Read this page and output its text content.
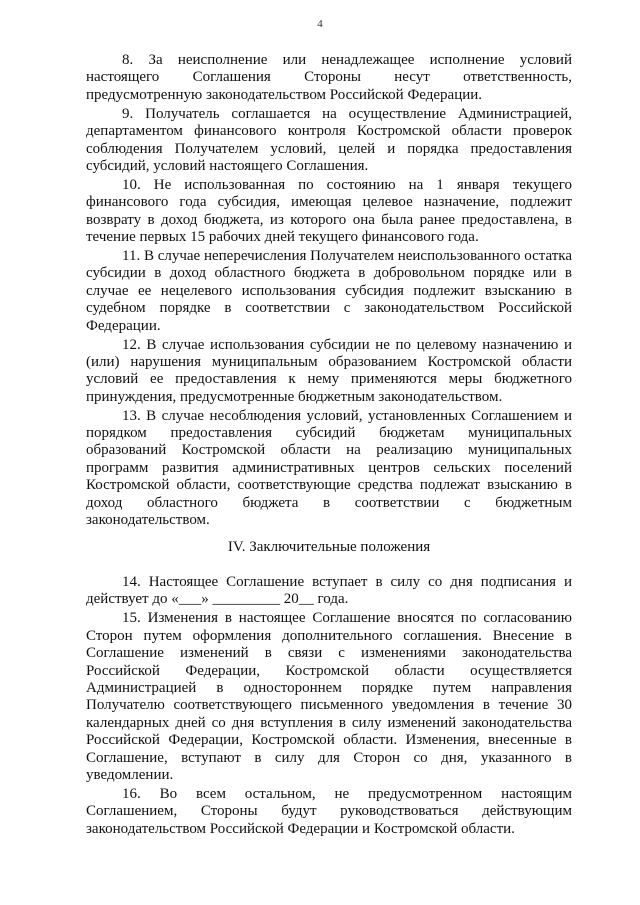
4

8. За неисполнение или ненадлежащее исполнение условий настоящего Соглашения Стороны несут ответственность, предусмотренную законодательством Российской Федерации.

9. Получатель соглашается на осуществление Администрацией, департаментом финансового контроля Костромской области проверок соблюдения Получателем условий, целей и порядка предоставления субсидий, условий настоящего Соглашения.

10. Не использованная по состоянию на 1 января текущего финансового года субсидия, имеющая целевое назначение, подлежит возврату в доход бюджета, из которого она была ранее предоставлена, в течение первых 15 рабочих дней текущего финансового года.

11. В случае неперечисления Получателем неиспользованного остатка субсидии в доход областного бюджета в добровольном порядке или в случае ее нецелевого использования субсидия подлежит взысканию в судебном порядке в соответствии с законодательством Российской Федерации.

12. В случае использования субсидии не по целевому назначению и (или) нарушения муниципальным образованием Костромской области условий ее предоставления к нему применяются меры бюджетного принуждения, предусмотренные бюджетным законодательством.

13. В случае несоблюдения условий, установленных Соглашением и порядком предоставления субсидий бюджетам муниципальных образований Костромской области на реализацию муниципальных программ развития административных центров сельских поселений Костромской области, соответствующие средства подлежат взысканию в доход областного бюджета в соответствии с бюджетным законодательством.

IV. Заключительные положения

14. Настоящее Соглашение вступает в силу со дня подписания и действует до «___» _________ 20__ года.

15. Изменения в настоящее Соглашение вносятся по согласованию Сторон путем оформления дополнительного соглашения. Внесение в Соглашение изменений в связи с изменениями законодательства Российской Федерации, Костромской области осуществляется Администрацией в одностороннем порядке путем направления Получателю соответствующего письменного уведомления в течение 30 календарных дней со дня вступления в силу изменений законодательства Российской Федерации, Костромской области. Изменения, внесенные в Соглашение, вступают в силу для Сторон со дня, указанного в уведомлении.

16. Во всем остальном, не предусмотренном настоящим Соглашением, Стороны будут руководствоваться действующим законодательством Российской Федерации и Костромской области.
